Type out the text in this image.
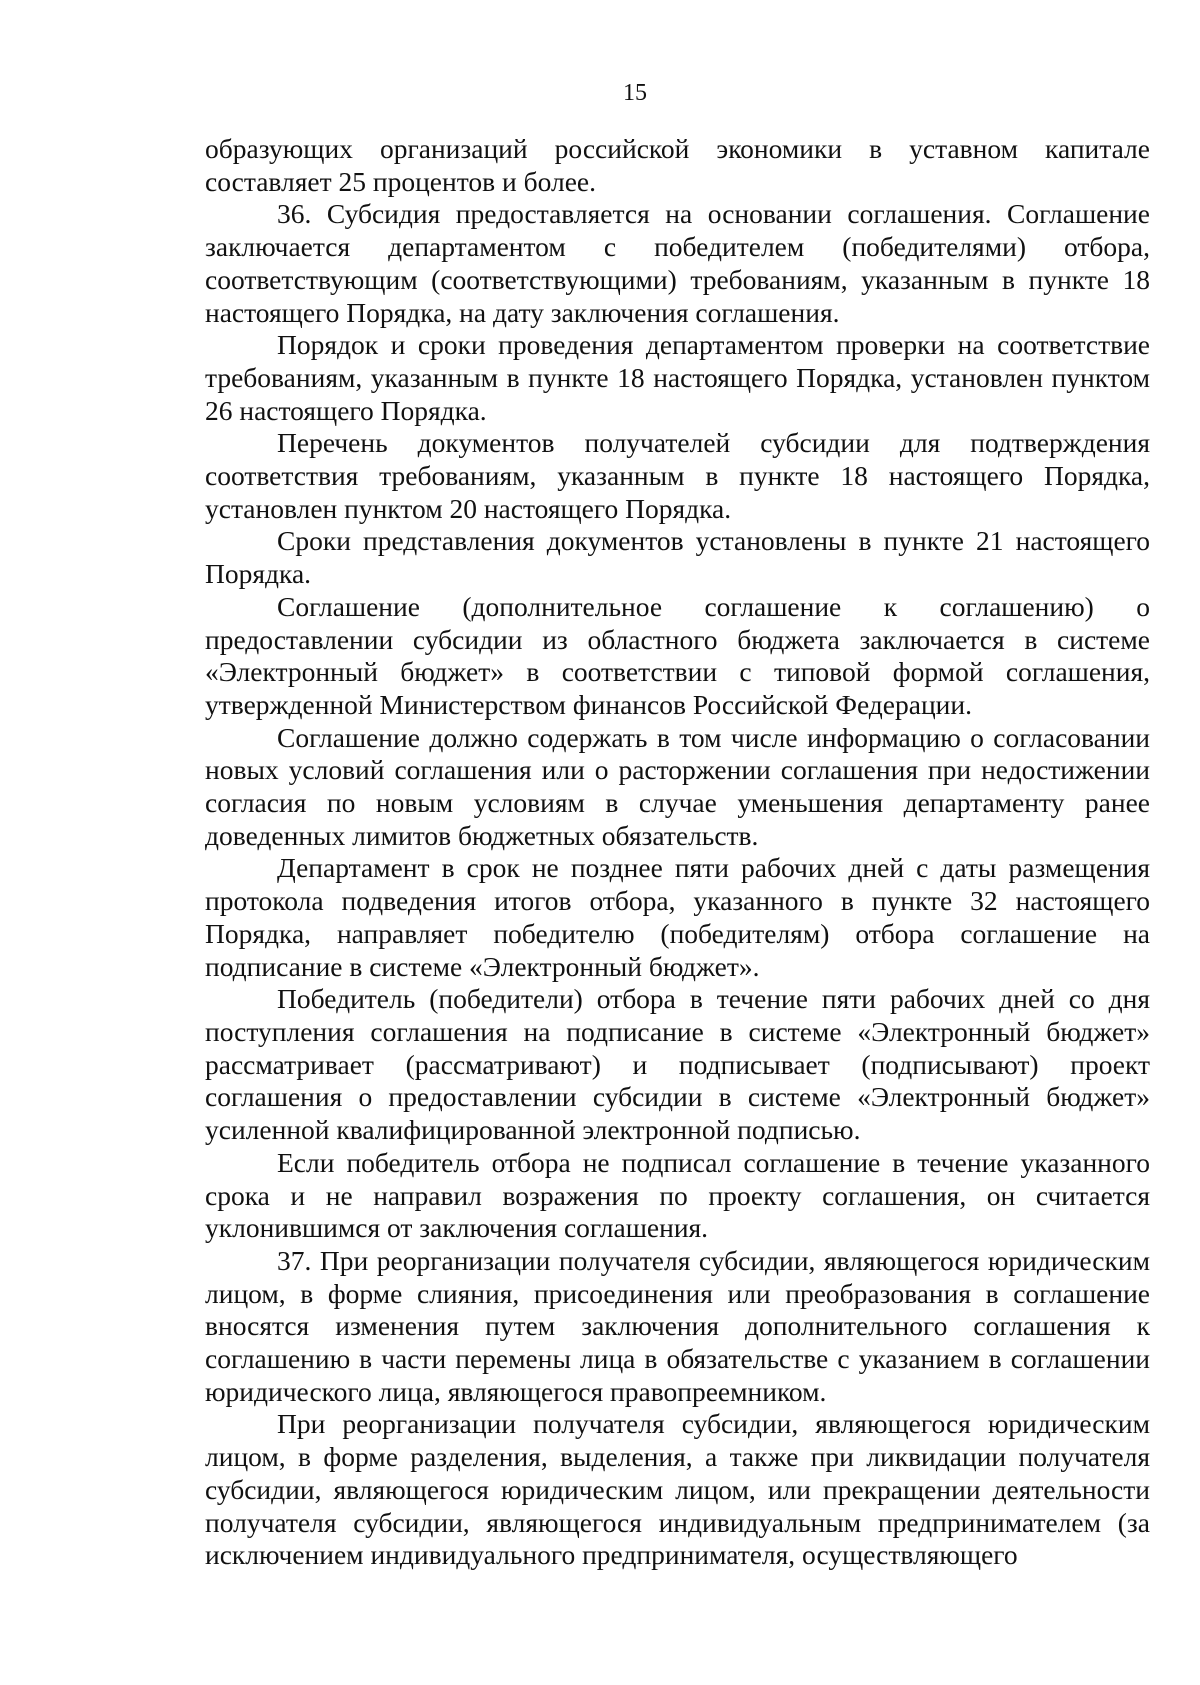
15

образующих организаций российской экономики в уставном капитале составляет 25 процентов и более.

36. Субсидия предоставляется на основании соглашения. Соглашение заключается департаментом с победителем (победителями) отбора, соответствующим (соответствующими) требованиям, указанным в пункте 18 настоящего Порядка, на дату заключения соглашения.

Порядок и сроки проведения департаментом проверки на соответствие требованиям, указанным в пункте 18 настоящего Порядка, установлен пунктом 26 настоящего Порядка.

Перечень документов получателей субсидии для подтверждения соответствия требованиям, указанным в пункте 18 настоящего Порядка, установлен пунктом 20 настоящего Порядка.

Сроки представления документов установлены в пункте 21 настоящего Порядка.

Соглашение (дополнительное соглашение к соглашению) о предоставлении субсидии из областного бюджета заключается в системе «Электронный бюджет» в соответствии с типовой формой соглашения, утвержденной Министерством финансов Российской Федерации.

Соглашение должно содержать в том числе информацию о согласовании новых условий соглашения или о расторжении соглашения при недостижении согласия по новым условиям в случае уменьшения департаменту ранее доведенных лимитов бюджетных обязательств.

Департамент в срок не позднее пяти рабочих дней с даты размещения протокола подведения итогов отбора, указанного в пункте 32 настоящего Порядка, направляет победителю (победителям) отбора соглашение на подписание в системе «Электронный бюджет».

Победитель (победители) отбора в течение пяти рабочих дней со дня поступления соглашения на подписание в системе «Электронный бюджет» рассматривает (рассматривают) и подписывает (подписывают) проект соглашения о предоставлении субсидии в системе «Электронный бюджет» усиленной квалифицированной электронной подписью.

Если победитель отбора не подписал соглашение в течение указанного срока и не направил возражения по проекту соглашения, он считается уклонившимся от заключения соглашения.

37. При реорганизации получателя субсидии, являющегося юридическим лицом, в форме слияния, присоединения или преобразования в соглашение вносятся изменения путем заключения дополнительного соглашения к соглашению в части перемены лица в обязательстве с указанием в соглашении юридического лица, являющегося правопреемником.

При реорганизации получателя субсидии, являющегося юридическим лицом, в форме разделения, выделения, а также при ликвидации получателя субсидии, являющегося юридическим лицом, или прекращении деятельности получателя субсидии, являющегося индивидуальным предпринимателем (за исключением индивидуального предпринимателя, осуществляющего
